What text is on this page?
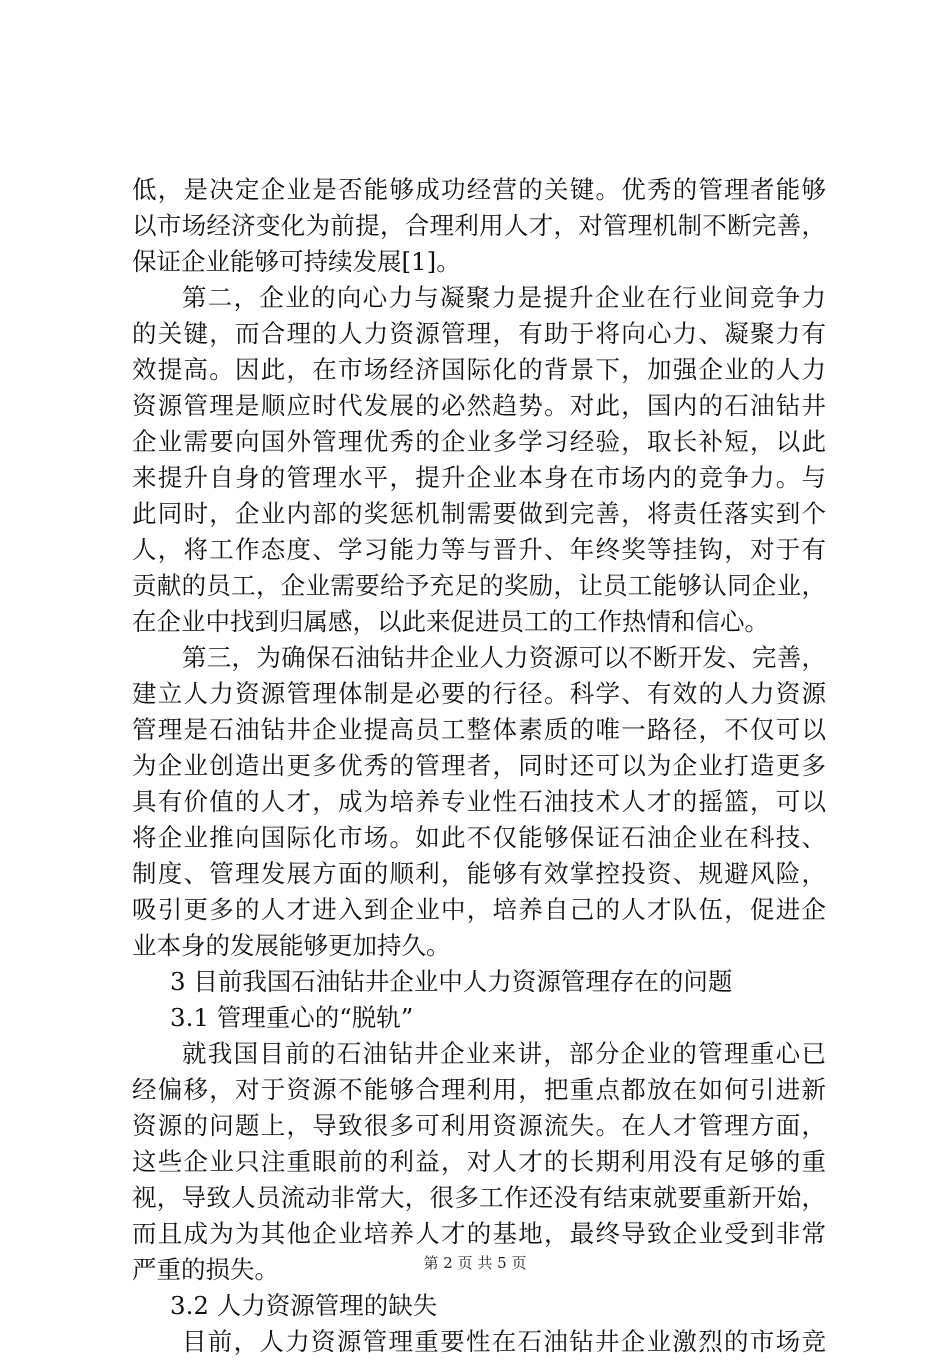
低，是决定企业是否能够成功经营的关键。优秀的管理者能够
以市场经济变化为前提，合理利用人才，对管理机制不断完善，
保证企业能够可持续发展[1]。
第二，企业的向心力与凝聚力是提升企业在行业间竞争力
的关键，而合理的人力资源管理，有助于将向心力、凝聚力有
效提高。因此，在市场经济国际化的背景下，加强企业的人力
资源管理是顺应时代发展的必然趋势。对此，国内的石油钻井
企业需要向国外管理优秀的企业多学习经验，取长补短，以此
来提升自身的管理水平，提升企业本身在市场内的竞争力。与
此同时，企业内部的奖惩机制需要做到完善，将责任落实到个
人，将工作态度、学习能力等与晋升、年终奖等挂钩，对于有
贡献的员工，企业需要给予充足的奖励，让员工能够认同企业，
在企业中找到归属感，以此来促进员工的工作热情和信心。
第三，为确保石油钻井企业人力资源可以不断开发、完善，
建立人力资源管理体制是必要的行径。科学、有效的人力资源
管理是石油钻井企业提高员工整体素质的唯一路径，不仅可以
为企业创造出更多优秀的管理者，同时还可以为企业打造更多
具有价值的人才，成为培养专业性石油技术人才的摇篮，可以
将企业推向国际化市场。如此不仅能够保证石油企业在科技、
制度、管理发展方面的顺利，能够有效掌控投资、规避风险，
吸引更多的人才进入到企业中，培养自己的人才队伍，促进企
业本身的发展能够更加持久。
3 目前我国石油钻井企业中人力资源管理存在的问题
3.1 管理重心的“脱轨”
就我国目前的石油钻井企业来讲，部分企业的管理重心已
经偏移，对于资源不能够合理利用，把重点都放在如何引进新
资源的问题上，导致很多可利用资源流失。在人才管理方面，
这些企业只注重眼前的利益，对人才的长期利用没有足够的重
视，导致人员流动非常大，很多工作还没有结束就要重新开始，
而且成为为其他企业培养人才的基地，最终导致企业受到非常
严重的损失。
3.2 人力资源管理的缺失
目前，人力资源管理重要性在石油钻井企业激烈的市场竞
第 2 页 共 5 页
